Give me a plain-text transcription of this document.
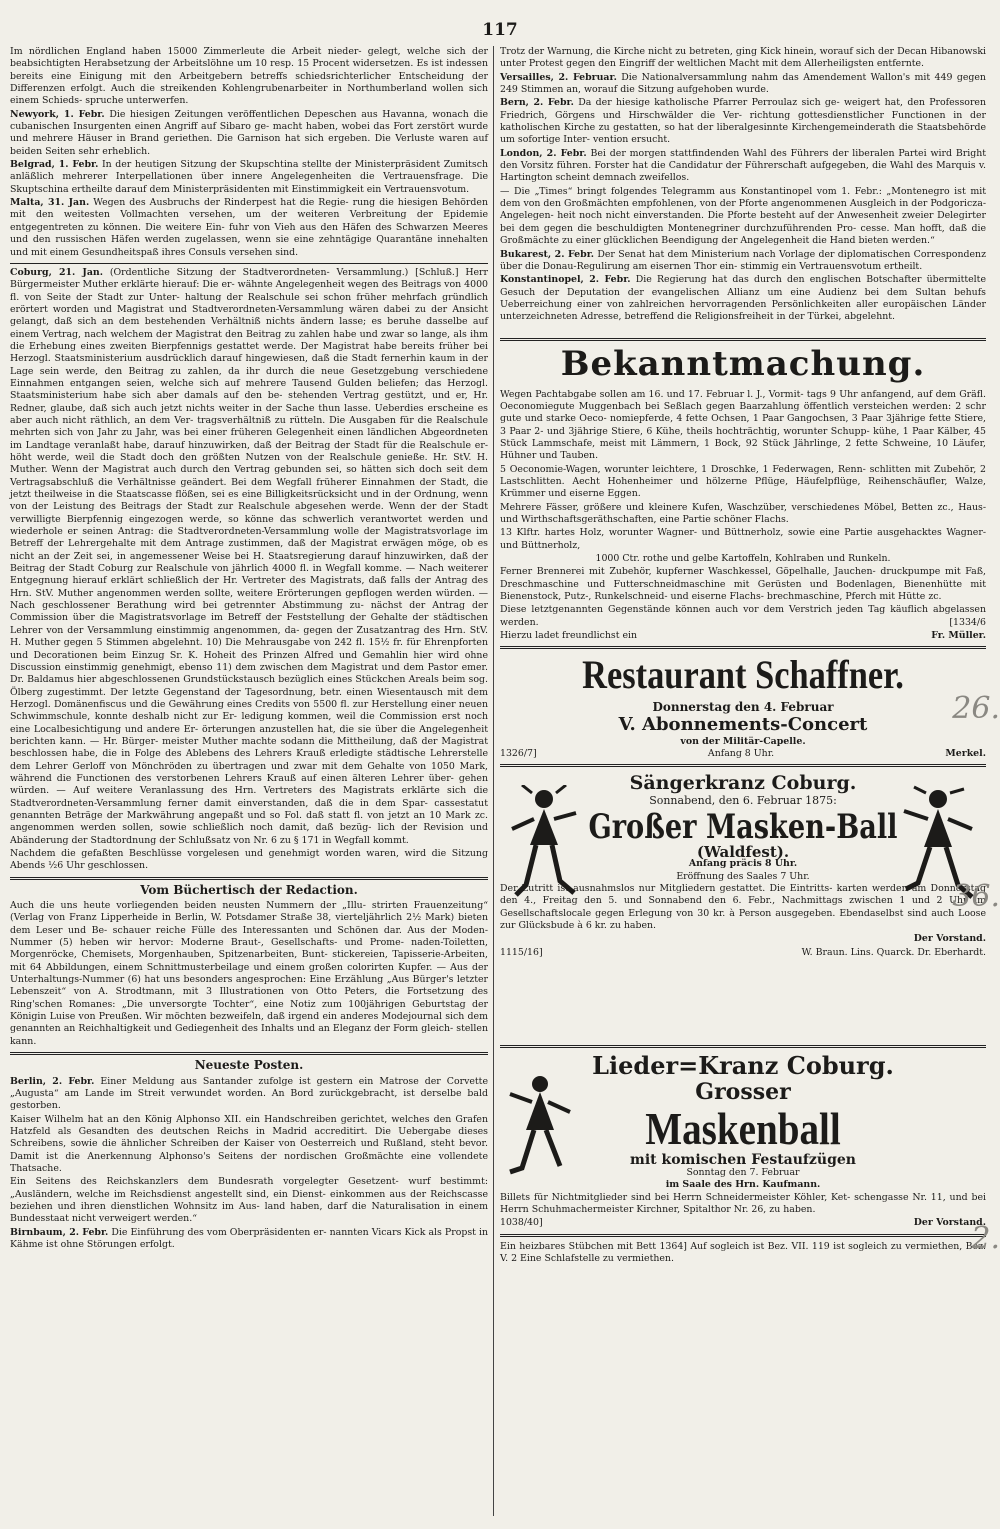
117

Im nördlichen England haben 15000 Zimmerleute die Arbeit nieder- gelegt, welche sich der beabsichtigten Herabsetzung der Arbeitslöhne um 10 resp. 15 Procent widersetzen. Es ist indessen bereits eine Einigung mit den Arbeitgebern betreffs schiedsrichterlicher Entscheidung der Differenzen erfolgt. Auch die streikenden Kohlengrubenarbeiter in Northumberland wollen sich einem Schieds- spruche unterwerfen.

Newyork, 1. Febr. Die hiesigen Zeitungen veröffentlichen Depeschen aus Havanna, wonach die cubanischen Insurgenten einen Angriff auf Sibaro ge- macht haben, wobei das Fort zerstört wurde und mehrere Häuser in Brand geriethen. Die Garnison hat sich ergeben. Die Verluste waren auf beiden Seiten sehr erheblich.

Belgrad, 1. Febr. In der heutigen Sitzung der Skupschtina stellte der Ministerpräsident Zumitsch anläßlich mehrerer Interpellationen über innere Angelegenheiten die Vertrauensfrage. Die Skuptschina ertheilte darauf dem Ministerpräsidenten mit Einstimmigkeit ein Vertrauensvotum.

Malta, 31. Jan. Wegen des Ausbruchs der Rinderpest hat die Regie- rung die hiesigen Behörden mit den weitesten Vollmachten versehen, um der weiteren Verbreitung der Epidemie entgegentreten zu können. Die weitere Ein- fuhr von Vieh aus den Häfen des Schwarzen Meeres und den russischen Häfen werden zugelassen, wenn sie eine zehntägige Quarantäne innehalten und mit einem Gesundheitspaß ihres Consuls versehen sind.

Coburg, 21. Jan. (Ordentliche Sitzung der Stadtverordneten- Versammlung.) [Schluß.] Herr Bürgermeister Muther erklärte hierauf: Die er- wähnte Angelegenheit wegen des Beitrags von 4000 fl. von Seite der Stadt zur Unter- haltung der Realschule sei schon früher mehrfach gründlich erörtert worden und Magistrat und Stadtverordneten-Versammlung wären dabei zu der Ansicht gelangt, daß sich an dem bestehenden Verhältniß nichts ändern lasse; es beruhe dasselbe auf einem Vertrag, nach welchem der Magistrat den Beitrag zu zahlen habe und zwar so lange, als ihm die Erhebung eines zweiten Bierpfennigs gestattet werde. Der Magistrat habe bereits früher bei Herzogl. Staatsministerium ausdrücklich darauf hingewiesen, daß die Stadt fernerhin kaum in der Lage sein werde, den Beitrag zu zahlen, da ihr durch die neue Gesetzgebung verschiedene Einnahmen entgangen seien, welche sich auf mehrere Tausend Gulden beliefen; das Herzogl. Staatsministerium habe sich aber damals auf den be- stehenden Vertrag gestützt, und er, Hr. Redner, glaube, daß sich auch jetzt nichts weiter in der Sache thun lasse. Ueberdies erscheine es aber auch nicht räthlich, an dem Ver- tragsverhältniß zu rütteln. Die Ausgaben für die Realschule mehrten sich von Jahr zu Jahr, was bei einer früheren Gelegenheit einen ländlichen Abgeordneten im Landtage veranlaßt habe, darauf hinzuwirken, daß der Beitrag der Stadt für die Realschule er- höht werde, weil die Stadt doch den größten Nutzen von der Realschule genieße. Hr. StV. H. Muther. Wenn der Magistrat auch durch den Vertrag gebunden sei, so hätten sich doch seit dem Vertragsabschluß die Verhältnisse geändert. Bei dem Wegfall früherer Einnahmen der Stadt, die jetzt theilweise in die Staatscasse flößen, sei es eine Billigkeitsrücksicht und in der Ordnung, wenn von der Leistung des Beitrags der Stadt zur Realschule abgesehen werde. Wenn der der Stadt verwilligte Bierpfennig eingezogen werde, so könne das schwerlich verantwortet werden und wiederhole er seinen Antrag: die Stadtverordneten-Versammlung wolle der Magistratsvorlage im Betreff der Lehrergehalte mit dem Antrage zustimmen, daß der Magistrat erwägen möge, ob es nicht an der Zeit sei, in angemessener Weise bei H. Staatsregierung darauf hinzuwirken, daß der Beitrag der Stadt Coburg zur Realschule von jährlich 4000 fl. in Wegfall komme. — Nach weiterer Entgegnung hierauf erklärt schließlich der Hr. Vertreter des Magistrats, daß falls der Antrag des Hrn. StV. Muther angenommen werden sollte, weitere Erörterungen gepflogen werden würden. — Nach geschlossener Berathung wird bei getrennter Abstimmung zu- nächst der Antrag der Commission über die Magistratsvorlage im Betreff der Feststellung der Gehalte der städtischen Lehrer von der Versammlung einstimmig angenommen, da- gegen der Zusatzantrag des Hrn. StV. H. Muther gegen 5 Stimmen abgelehnt. 10) Die Mehrausgabe von 242 fl. 15½ fr. für Ehrenpforten und Decorationen beim Einzug Sr. K. Hoheit des Prinzen Alfred und Gemahlin hier wird ohne Discussion einstimmig genehmigt, ebenso 11) dem zwischen dem Magistrat und dem Pastor emer. Dr. Baldamus hier abgeschlossenen Grundstückstausch bezüglich eines Stückchen Areals beim sog. Ölberg zugestimmt. Der letzte Gegenstand der Tagesordnung, betr. einen Wiesentausch mit dem Herzogl. Domänenfiscus und die Gewährung eines Credits von 5500 fl. zur Herstellung einer neuen Schwimmschule, konnte deshalb nicht zur Er- ledigung kommen, weil die Commission erst noch eine Localbesichtigung und andere Er- örterungen anzustellen hat, die sie über die Angelegenheit berichten kann. — Hr. Bürger- meister Muther machte sodann die Mittheilung, daß der Magistrat beschlossen habe, die in Folge des Ablebens des Lehrers Krauß erledigte städtische Lehrerstelle dem Lehrer Gerloff von Mönchröden zu übertragen und zwar mit dem Gehalte von 1050 Mark, während die Functionen des verstorbenen Lehrers Krauß auf einen älteren Lehrer über- gehen würden. — Auf weitere Veranlassung des Hrn. Vertreters des Magistrats erklärte sich die Stadtverordneten-Versammlung ferner damit einverstanden, daß die in dem Spar- cassestatut genannten Beträge der Markwährung angepaßt und so Fol. daß statt fl. von jetzt an 10 Mark zc. angenommen werden sollen, sowie schließlich noch damit, daß bezüg- lich der Revision und Abänderung der Stadtordnung der Schlußsatz von Nr. 6 zu § 171 in Wegfall kommt.

Nachdem die gefaßten Beschlüsse vorgelesen und genehmigt worden waren, wird die Sitzung Abends ½6 Uhr geschlossen.

Vom Büchertisch der Redaction.

Auch die uns heute vorliegenden beiden neusten Nummern der „Illu- strirten Frauenzeitung“ (Verlag von Franz Lipperheide in Berlin, W. Potsdamer Straße 38, vierteljährlich 2½ Mark) bieten dem Leser und Be- schauer reiche Fülle des Interessanten und Schönen dar. Aus der Moden- Nummer (5) heben wir hervor: Moderne Braut-, Gesellschafts- und Prome- naden-Toiletten, Morgenröcke, Chemisets, Morgenhauben, Spitzenarbeiten, Bunt- stickereien, Tapisserie-Arbeiten, mit 64 Abbildungen, einem Schnittmusterbeilage und einem großen colorirten Kupfer. — Aus der Unterhaltungs-Nummer (6) hat uns besonders angesprochen: Eine Erzählung „Aus Bürger's letzter Lebenszeit“ von A. Strodtmann, mit 3 Illustrationen von Otto Peters, die Fortsetzung des Ring'schen Romanes: „Die unversorgte Tochter“, eine Notiz zum 100jährigen Geburtstag der Königin Luise von Preußen. Wir möchten bezweifeln, daß irgend ein anderes Modejournal sich dem genannten an Reichhaltigkeit und Gediegenheit des Inhalts und an Eleganz der Form gleich- stellen kann.

Neueste Posten.

Berlin, 2. Febr. Einer Meldung aus Santander zufolge ist gestern ein Matrose der Corvette „Augusta“ am Lande im Streit verwundet worden. An Bord zurückgebracht, ist derselbe bald gestorben.

Kaiser Wilhelm hat an den König Alphonso XII. ein Handschreiben gerichtet, welches den Grafen Hatzfeld als Gesandten des deutschen Reichs in Madrid accreditirt. Die Uebergabe dieses Schreibens, sowie die ähnlicher Schreiben der Kaiser von Oesterreich und Rußland, steht bevor. Damit ist die Anerkennung Alphonso's Seitens der nordischen Großmächte eine vollendete Thatsache.

Ein Seitens des Reichskanzlers dem Bundesrath vorgelegter Gesetzent- wurf bestimmt: „Ausländern, welche im Reichsdienst angestellt sind, ein Dienst- einkommen aus der Reichscasse beziehen und ihren dienstlichen Wohnsitz im Aus- land haben, darf die Naturalisation in einem Bundesstaat nicht verweigert werden.“

Birnbaum, 2. Febr. Die Einführung des vom Oberpräsidenten er- nannten Vicars Kick als Propst in Kähme ist ohne Störungen erfolgt.

Trotz der Warnung, die Kirche nicht zu betreten, ging Kick hinein, worauf sich der Decan Hibanowski unter Protest gegen den Eingriff der weltlichen Macht mit dem Allerheiligsten entfernte.

Versailles, 2. Februar. Die Nationalversammlung nahm das Amendement Wallon's mit 449 gegen 249 Stimmen an, worauf die Sitzung aufgehoben wurde.

Bern, 2. Febr. Da der hiesige katholische Pfarrer Perroulaz sich ge- weigert hat, den Professoren Friedrich, Görgens und Hirschwälder die Ver- richtung gottesdienstlicher Functionen in der katholischen Kirche zu gestatten, so hat der liberalgesinnte Kirchengemeinderath die Staatsbehörde um sofortige Inter- vention ersucht.

London, 2. Febr. Bei der morgen stattfindenden Wahl des Führers der liberalen Partei wird Bright den Vorsitz führen. Forster hat die Candidatur der Führerschaft aufgegeben, die Wahl des Marquis v. Hartington scheint demnach zweifellos.

— Die „Times“ bringt folgendes Telegramm aus Konstantinopel vom 1. Febr.: „Montenegro ist mit dem von den Großmächten empfohlenen, von der Pforte angenommenen Ausgleich in der Podgoricza-Angelegen- heit noch nicht einverstanden. Die Pforte besteht auf der Anwesenheit zweier Delegirter bei dem gegen die beschuldigten Montenegriner durchzuführenden Pro- cesse. Man hofft, daß die Großmächte zu einer glücklichen Beendigung der Angelegenheit die Hand bieten werden.“

Bukarest, 2. Febr. Der Senat hat dem Ministerium nach Vorlage der diplomatischen Correspondenz über die Donau-Regulirung am eisernen Thor ein- stimmig ein Vertrauensvotum ertheilt.

Konstantinopel, 2. Febr. Die Regierung hat das durch den englischen Botschafter übermittelte Gesuch der Deputation der evangelischen Allianz um eine Audienz bei dem Sultan behufs Ueberreichung einer von zahlreichen hervorragenden Persönlichkeiten aller europäischen Länder unterzeichneten Adresse, betreffend die Religionsfreiheit in der Türkei, abgelehnt.

Bekanntmachung.

Wegen Pachtabgabe sollen am 16. und 17. Februar l. J., Vormit- tags 9 Uhr anfangend, auf dem Gräfl. Oeconomiegute Muggenbach bei Seßlach gegen Baarzahlung öffentlich versteichen werden: 2 schr gute und starke Oeco- nomiepferde, 4 fette Ochsen, 1 Paar Gangochsen, 3 Paar 3jährige fette Stiere, 3 Paar 2- und 3jährige Stiere, 6 Kühe, theils hochträchtig, worunter Schupp- kühe, 1 Paar Kälber, 45 Stück Lammschafe, meist mit Lämmern, 1 Bock, 92 Stück Jährlinge, 2 fette Schweine, 10 Läufer, Hühner und Tauben.

5 Oeconomie-Wagen, worunter leichtere, 1 Droschke, 1 Federwagen, Renn- schlitten mit Zubehör, 2 Lastschlitten. Aecht Hohenheimer und hölzerne Pflüge, Häufelpflüge, Reihenschäufler, Walze, Krümmer und eiserne Eggen.

Mehrere Fässer, größere und kleinere Kufen, Waschzüber, verschiedenes Möbel, Betten zc., Haus- und Wirthschaftsgeräthschaften, eine Partie schöner Flachs.

13 Klftr. hartes Holz, worunter Wagner- und Büttnerholz, sowie eine Partie ausgehacktes Wagner- und Büttnerholz,

1000 Ctr. rothe und gelbe Kartoffeln, Kohlraben und Runkeln.

Ferner Brennerei mit Zubehör, kupferner Waschkessel, Göpelhalle, Jauchen- druckpumpe mit Faß, Dreschmaschine und Futterschneidmaschine mit Gerüsten und Bodenlagen, Bienenhütte mit Bienenstock, Putz-, Runkelschneid- und eiserne Flachs- brechmaschine, Pferch mit Hütte zc.

Diese letztgenannten Gegenstände können auch vor dem Verstrich jeden Tag käuflich abgelassen werden.	[1334/6

Hierzu ladet freundlichst ein	Fr. Müller.

Restaurant Schaffner.
Donnerstag den 4. Februar
V. Abonnements-Concert
von der Militär-Capelle.
1326/7]	Anfang 8 Uhr.	Merkel.
26.
Sängerkranz Coburg.
Sonnabend, den 6. Februar 1875:
Großer Masken-Ball
(Waldfest).
Anfang präcis 8 Uhr.
Eröffnung des Saales 7 Uhr.

Der Zutritt ist ausnahmslos nur Mitgliedern gestattet. Die Eintritts- karten werden am Donnerstag den 4., Freitag den 5. und Sonnabend den 6. Febr., Nachmittags zwischen 1 und 2 Uhr im Gesellschaftslocale gegen Erlegung von 30 kr. à Person ausgegeben. Ebendaselbst sind auch Loose zur Glücksbude à 6 kr. zu haben.

Der Vorstand.

1115/16]	W. Braun. Lins. Quarck. Dr. Eberhardt.
36.
Lieder=Kranz Coburg.
Grosser
Maskenball
mit komischen Festaufzügen
Sonntag den 7. Februar
im Saale des Hrn. Kaufmann.

Billets für Nichtmitglieder sind bei Herrn Schneidermeister Köhler, Ket- schengasse Nr. 11, und bei Herrn Schuhmachermeister Kirchner, Spitalthor Nr. 26, zu haben.

1038/40]	Der Vorstand.

Ein heizbares Stübchen mit Bett 1364] Auf sogleich ist Bez. VII. 119 ist sogleich zu vermiethen, Bez. V. 2 Eine Schlafstelle zu vermiethen.

2.
